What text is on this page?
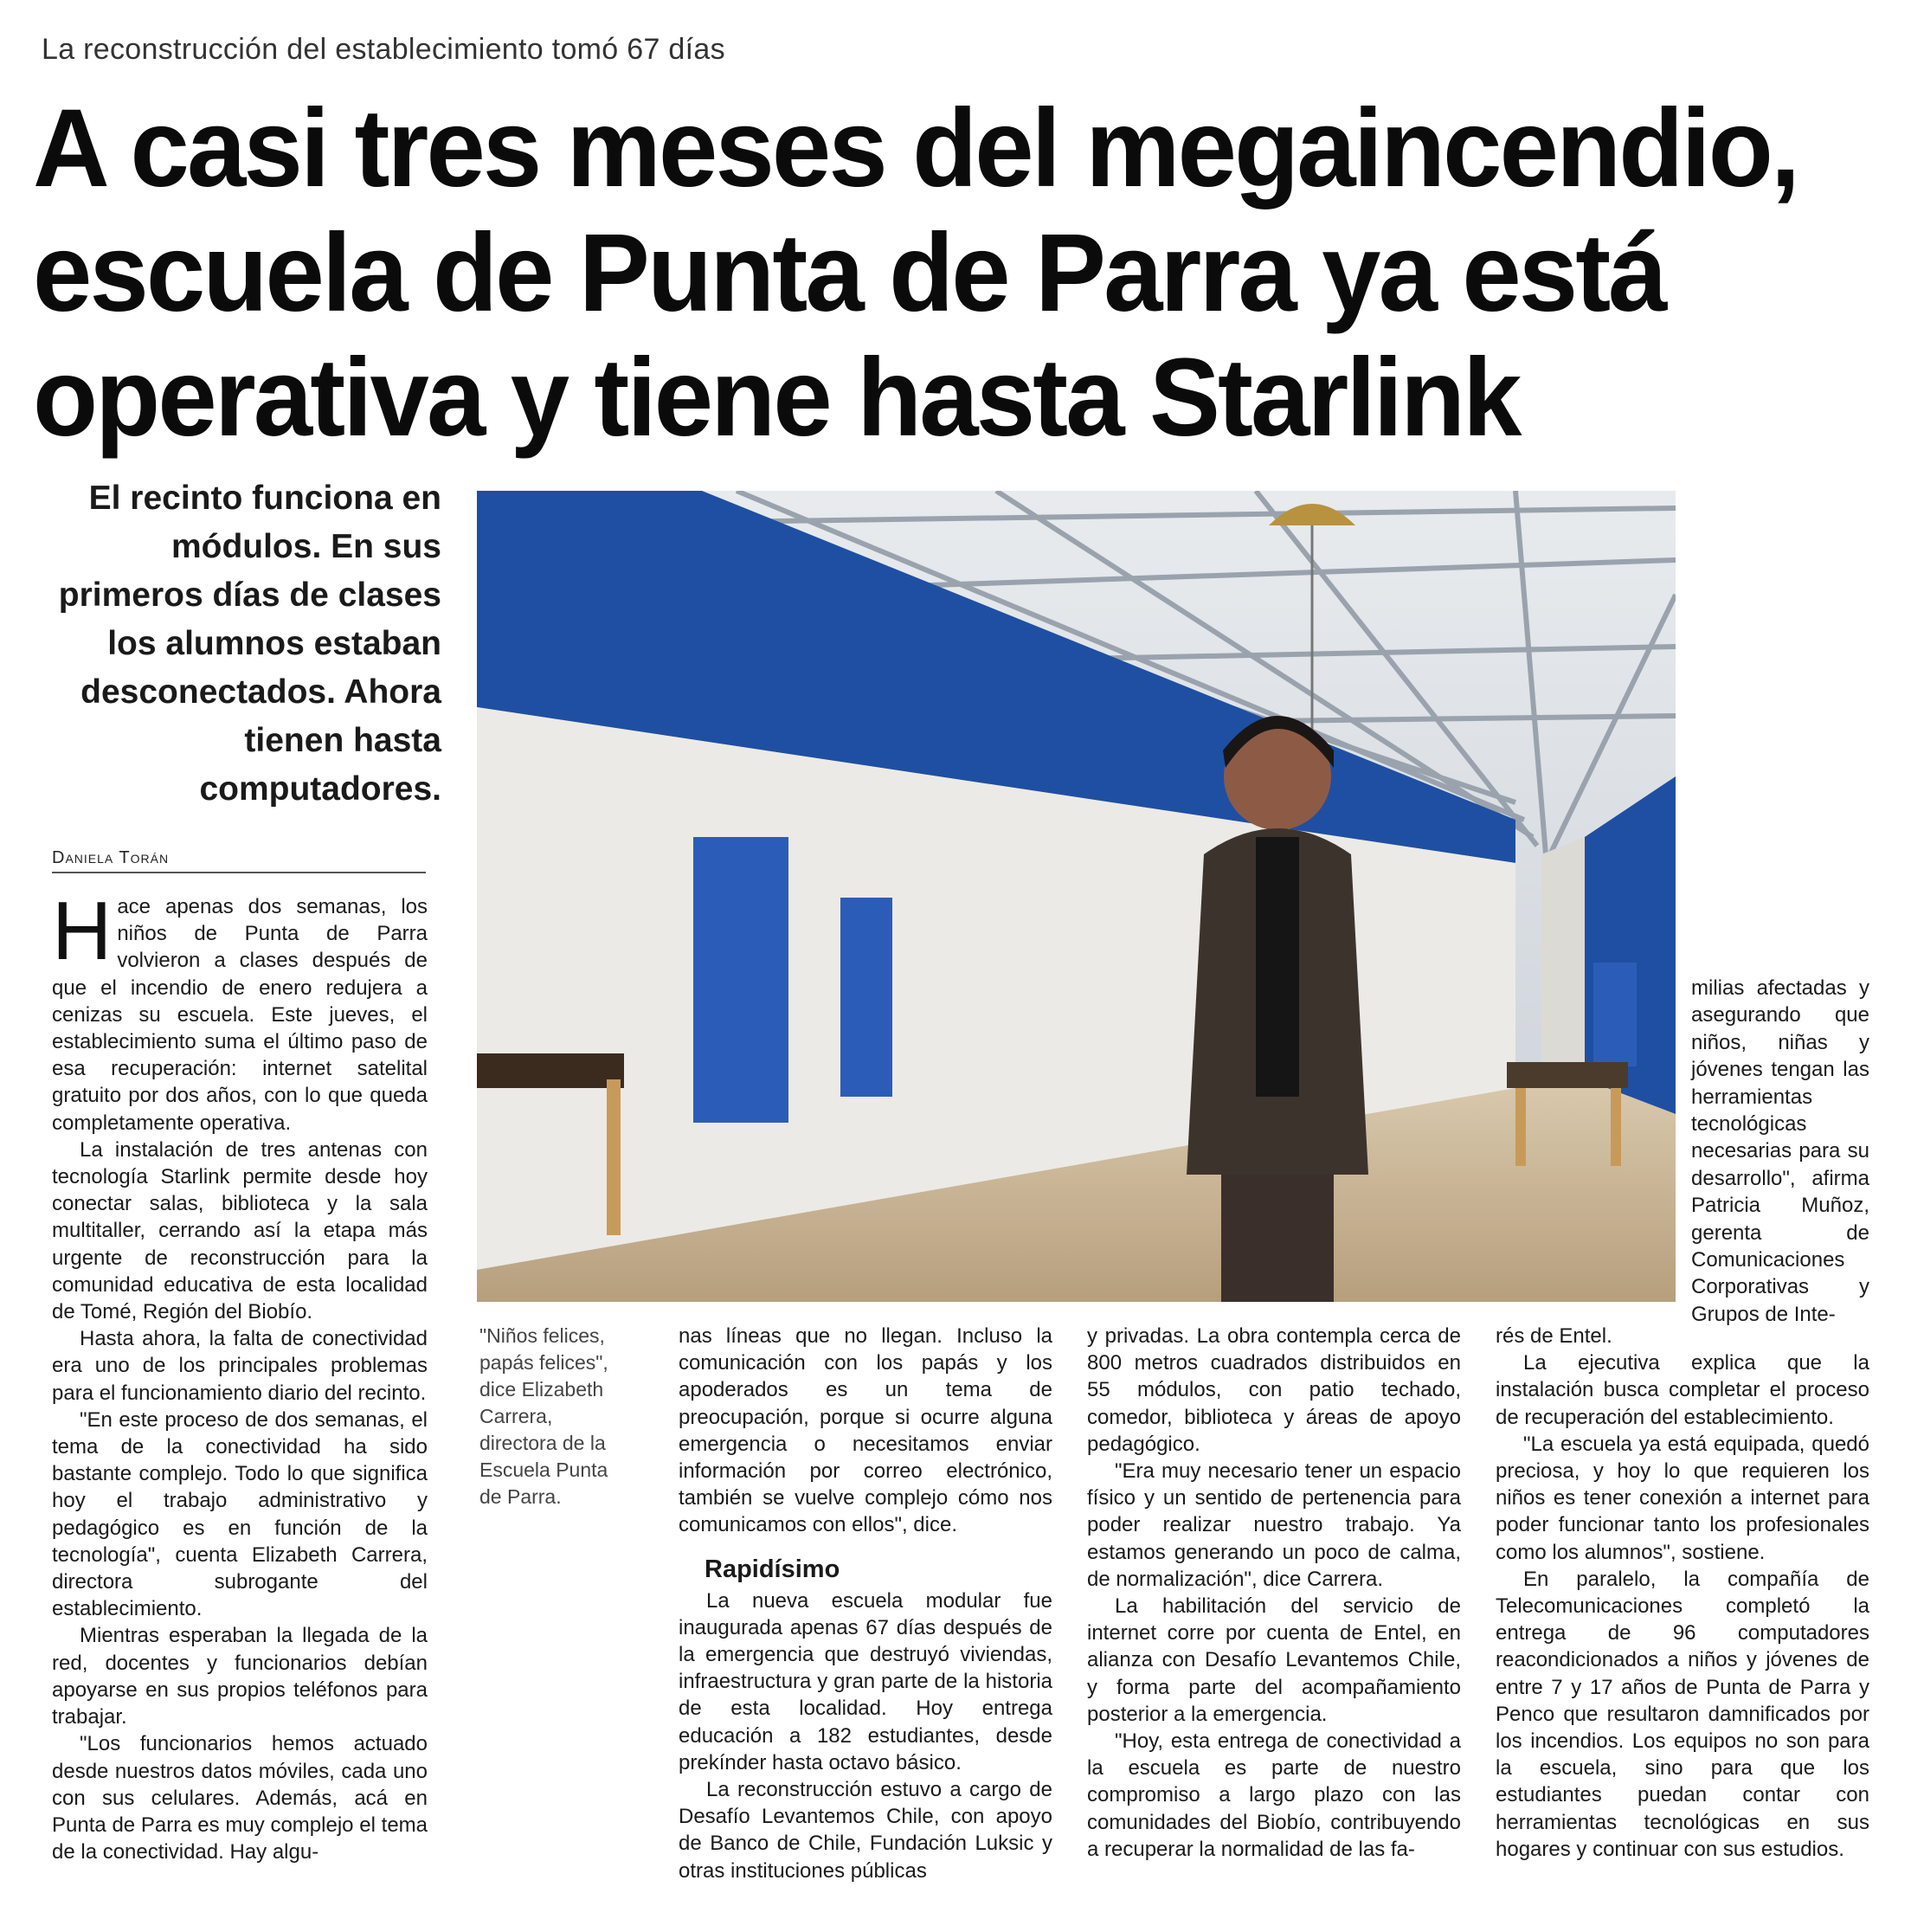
La reconstrucción del establecimiento tomó 67 días
A casi tres meses del megaincendio,
escuela de Punta de Parra ya está
operativa y tiene hasta Starlink
El recinto funciona en módulos. En sus primeros días de clases los alumnos estaban desconectados. Ahora tienen hasta computadores.
Daniela Torán
"Niños felices, papás felices", dice Elizabeth Carrera, directora de la Escuela Punta de Parra.

Hace apenas dos semanas, los niños de Punta de Parra volvieron a clases después de que el incendio de enero redujera a cenizas su escuela. Este jueves, el establecimiento suma el último paso de esa recuperación: internet satelital gratuito por dos años, con lo que queda completamente operativa.

La instalación de tres antenas con tecnología Starlink permite desde hoy conectar salas, biblioteca y la sala multitaller, cerrando así la etapa más urgente de reconstrucción para la comunidad educativa de esta localidad de Tomé, Región del Biobío.

Hasta ahora, la falta de conectividad era uno de los principales problemas para el funcionamiento diario del recinto.

"En este proceso de dos semanas, el tema de la conectividad ha sido bastante complejo. Todo lo que significa hoy el trabajo administrativo y pedagógico es en función de la tecnología", cuenta Elizabeth Carrera, directora subrogante del establecimiento.

Mientras esperaban la llegada de la red, docentes y funcionarios debían apoyarse en sus propios teléfonos para trabajar.

"Los funcionarios hemos actuado desde nuestros datos móviles, cada uno con sus celulares. Además, acá en Punta de Parra es muy complejo el tema de la conectividad. Hay algu-

nas líneas que no llegan. Incluso la comunicación con los papás y los apoderados es un tema de preocupación, porque si ocurre alguna emergencia o necesitamos enviar información por correo electrónico, también se vuelve complejo cómo nos comunicamos con ellos", dice.

Rapidísimo

La nueva escuela modular fue inaugurada apenas 67 días después de la emergencia que destruyó viviendas, infraestructura y gran parte de la historia de esta localidad. Hoy entrega educación a 182 estudiantes, desde prekínder hasta octavo básico.

La reconstrucción estuvo a cargo de Desafío Levantemos Chile, con apoyo de Banco de Chile, Fundación Luksic y otras instituciones públicas

y privadas. La obra contempla cerca de 800 metros cuadrados distribuidos en 55 módulos, con patio techado, comedor, biblioteca y áreas de apoyo pedagógico.

"Era muy necesario tener un espacio físico y un sentido de pertenencia para poder realizar nuestro trabajo. Ya estamos generando un poco de calma, de normalización", dice Carrera.

La habilitación del servicio de internet corre por cuenta de Entel, en alianza con Desafío Levantemos Chile, y forma parte del acompañamiento posterior a la emergencia.

"Hoy, esta entrega de conectividad a la escuela es parte de nuestro compromiso a largo plazo con las comunidades del Biobío, contribuyendo a recuperar la normalidad de las fa-

milias afectadas y asegurando que niños, niñas y jóvenes tengan las herramientas tecnológicas necesarias para su desarrollo", afirma Patricia Muñoz, gerenta de Comunicaciones Corporativas y Grupos de Inte-

rés de Entel.

La ejecutiva explica que la instalación busca completar el proceso de recuperación del establecimiento.

"La escuela ya está equipada, quedó preciosa, y hoy lo que requieren los niños es tener conexión a internet para poder funcionar tanto los profesionales como los alumnos", sostiene.

En paralelo, la compañía de Telecomunicaciones completó la entrega de 96 computadores reacondicionados a niños y jóvenes de entre 7 y 17 años de Punta de Parra y Penco que resultaron damnificados por los incendios. Los equipos no son para la escuela, sino para que los estudiantes puedan contar con herramientas tecnológicas en sus hogares y continuar con sus estudios.
